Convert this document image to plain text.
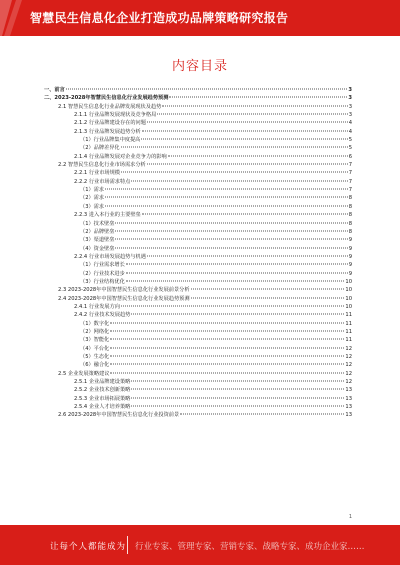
智慧民生信息化企业打造成功品牌策略研究报告
内容目录
一、前言	3
二、2023-2028年智慧民生信息化行业发展趋势预测	3
2.1 智慧民生信息化行业品牌发展现状及趋势	3
2.1.1 行业品牌发展现状及竞争格局	3
2.1.2 行业品牌建设存在的问题	4
2.1.3 行业品牌发展趋势分析	4
（1）行业品牌集中度提高	5
（2）品牌差异化	5
2.1.4 行业品牌发展对企业竞争力的影响	6
2.2 智慧民生信息化行业市场需求分析	7
2.2.1 行业市场规模	7
2.2.2 行业市场需求特点	7
（1）需求	7
（2）需求	8
（3）需求	8
2.2.3 进入本行业的主要壁垒	8
（1）技术壁垒	8
（2）品牌壁垒	8
（3）渠道壁垒	9
（4）资金壁垒	9
2.2.4 行业市场发展趋势与机遇	9
（1）行业需求增长	9
（2）行业技术进步	9
（3）行业结构优化	10
2.3 2023-2028年中国智慧民生信息化行业发展前景分析	10
2.4 2023-2028年中国智慧民生信息化行业发展趋势预测	10
2.4.1 行业发展方向	10
2.4.2 行业技术发展趋势	11
（1）数字化	11
（2）网络化	11
（3）智能化	11
（4）平台化	12
（5）生态化	12
（6）融合化	12
2.5 企业发展策略建议	12
2.5.1 企业品牌建设策略	12
2.5.2 企业技术创新策略	13
2.5.3 企业市场拓展策略	13
2.5.4 企业人才培养策略	13
2.6 2023-2028年中国智慧民生信息化行业投资前景	13
1
让每个人都能成为 行业专家、管理专家、营销专家、战略专家、成功企业家……
